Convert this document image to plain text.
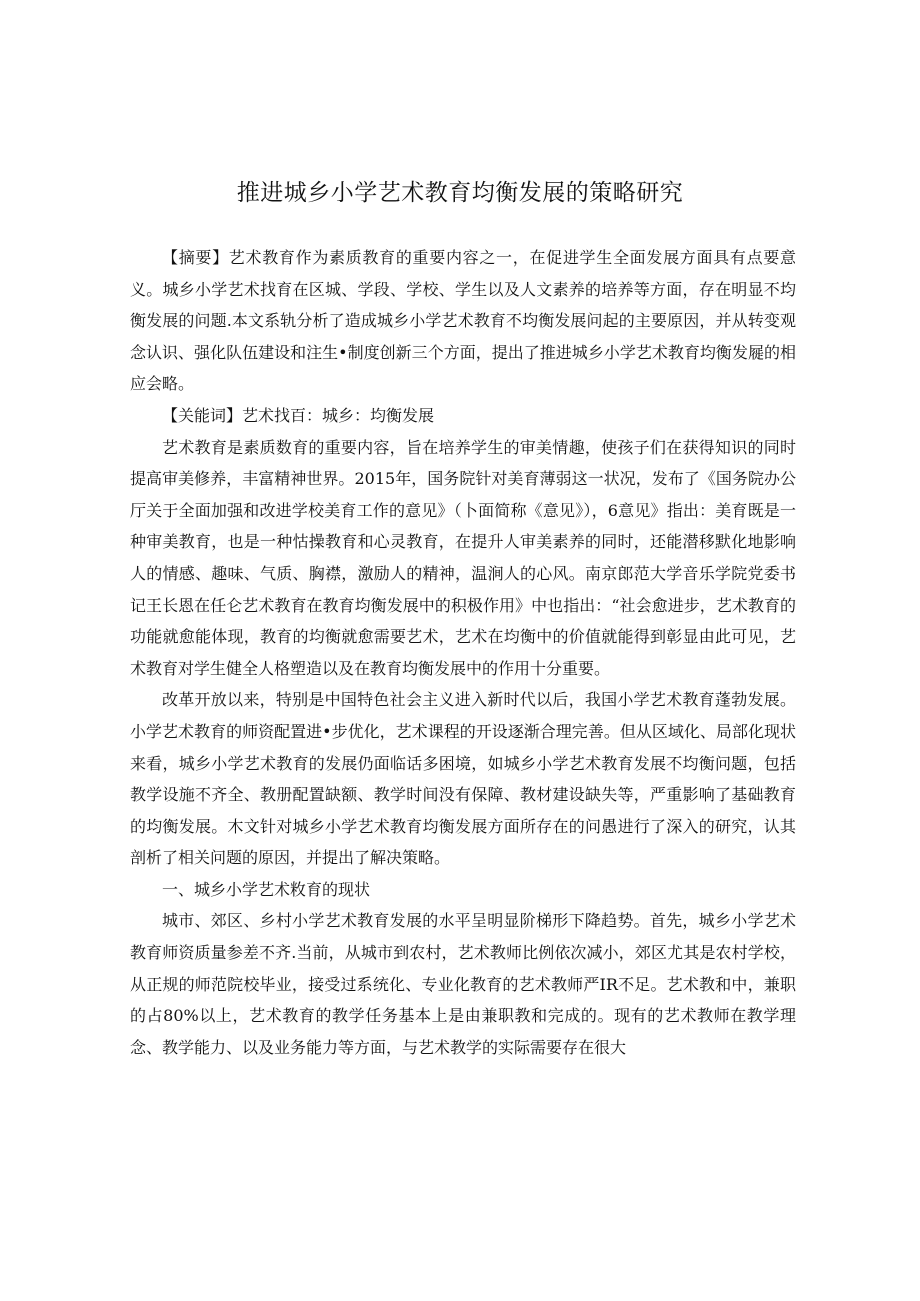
推进城乡小学艺术教育均衡发展的策略研究

【摘要】艺术教育作为素质教育的重要内容之一，在促进学生全面发展方面具有点要意义。城乡小学艺术找育在区城、学段、学校、学生以及人文素养的培养等方面，存在明显不均衡发展的问题.本文系轨分析了造成城乡小学艺术教育不均衡发展问起的主要原因，并从转变观念认识、强化队伍建设和注生•制度创新三个方面，提出了推进城乡小学艺术教育均衡发屣的相应会略。

【关能词】艺术找百：城乡：均衡发展

艺术教育是素质数育的重要内容，旨在培养学生的审美情趣，使孩子们在获得知识的同时提高审美修养，丰富精神世界。2015年，国务院针对美育薄弱这一状况，发布了《国务院办公厅关于全面加强和改进学校美育工作的意见》（卜面简称《意见》），6意见》指出：美育既是一种审美教育，也是一种怙操教育和心灵教育，在提升人审美素养的同时，还能潜移默化地影响人的情感、趣味、气质、胸襟，激励人的精神，温涧人的心风。南京郎范大学音乐学院党委书记王长恩在任仑艺术教育在教育均衡发展中的积极作用》中也指出：“社会愈进步，艺术教育的功能就愈能体现，教育的均衡就愈需要艺术，艺术在均衡中的价值就能得到彰显由此可见，艺术教育对学生健全人格塑造以及在教育均衡发展中的作用十分重要。

改革开放以来，特别是中国特色社会主义进入新时代以后，我国小学艺术教育蓬勃发展。小学艺术教育的师资配置进•步优化，艺术课程的开设逐渐合理完善。但从区域化、局部化现状来看，城乡小学艺术教育的发展仍面临话多困境，如城乡小学艺术教育发展不均衡问题，包括教学设施不齐全、教册配置缺额、教学时间没有保障、教材建设缺失等，严重影响了基础教育的均衡发展。木文针对城乡小学艺术教育均衡发展方面所存在的问愚进行了深入的研究，认其剖析了相关问题的原因，并提出了解决策略。

一、城乡小学艺术敉育的现状

城市、郊区、乡村小学艺术教育发展的水平呈明显阶梯形下降趋势。首先，城乡小学艺术教育师资质量参差不齐.当前，从城市到农村，艺术教师比例依次减小，郊区尤其是农村学校，从正规的师范院校毕业，接受过系统化、专业化教育的艺术教师严IR不足。艺术教和中，兼职的占80%以上，艺术教育的教学任务基本上是由兼职教和完成的。现有的艺术教师在教学理念、教学能力、以及业务能力等方面，与艺术教学的实际需要存在很大
